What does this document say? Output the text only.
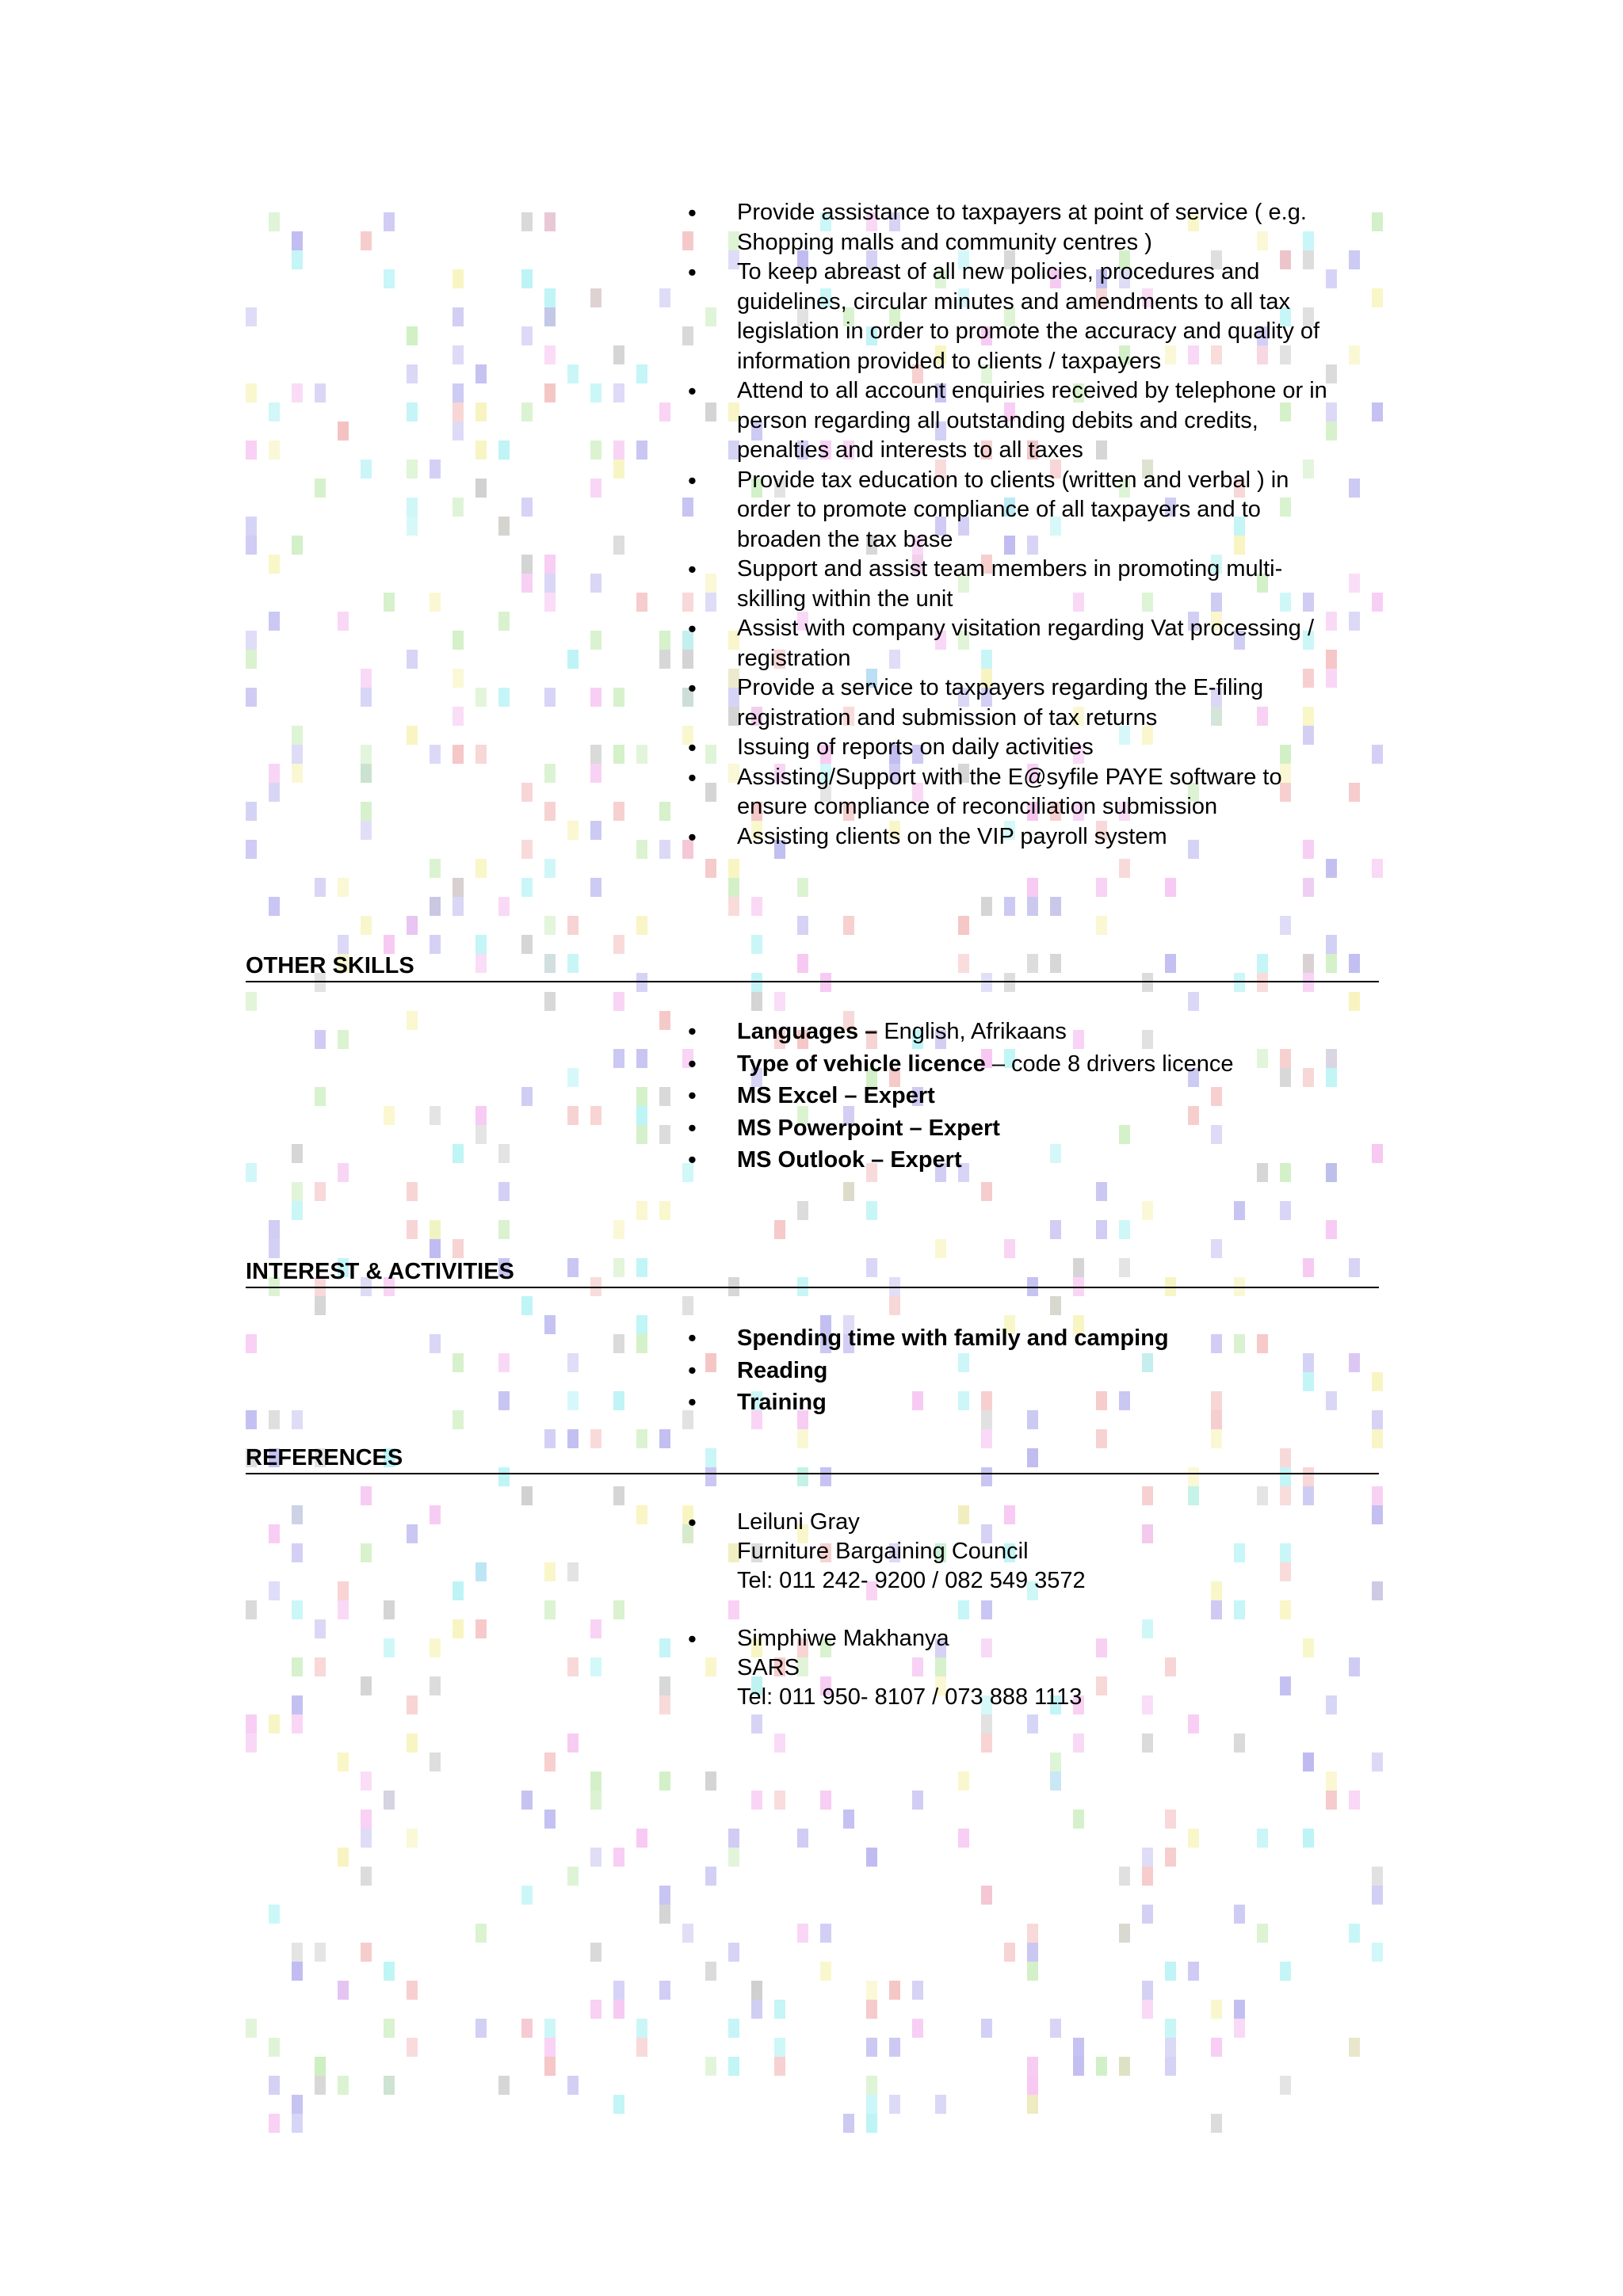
• Provide assistance to taxpayers at point of service ( e.g.
Shopping malls and community centres )
• To keep abreast of all new policies, procedures and
guidelines, circular minutes and amendments to all tax
legislation in order to promote the accuracy and quality of
information provided to clients / taxpayers
• Attend to all account enquiries received by telephone or in
person regarding all outstanding debits and credits,
penalties and interests to all taxes
• Provide tax education to clients (written and verbal ) in
order to promote compliance of all taxpayers and to
broaden the tax base
• Support and assist team members in promoting multi-
skilling within the unit
• Assist with company visitation regarding Vat processing /
registration
• Provide a service to taxpayers regarding the E-filing
registration and submission of tax returns
• Issuing of reports on daily activities
• Assisting/Support with the E@syfile PAYE software to
ensure compliance of reconciliation submission
• Assisting clients on the VIP payroll system
OTHER SKILLS
• Languages – English, Afrikaans
• Type of vehicle licence – code 8 drivers licence
• MS Excel – Expert
• MS Powerpoint – Expert
• MS Outlook – Expert
INTEREST & ACTIVITIES
• Spending time with family and camping
• Reading
• Training
REFERENCES
• Leiluni Gray
Furniture Bargaining Council
Tel: 011 242- 9200 / 082 549 3572
• Simphiwe Makhanya
SARS
Tel: 011 950- 8107 / 073 888 1113
